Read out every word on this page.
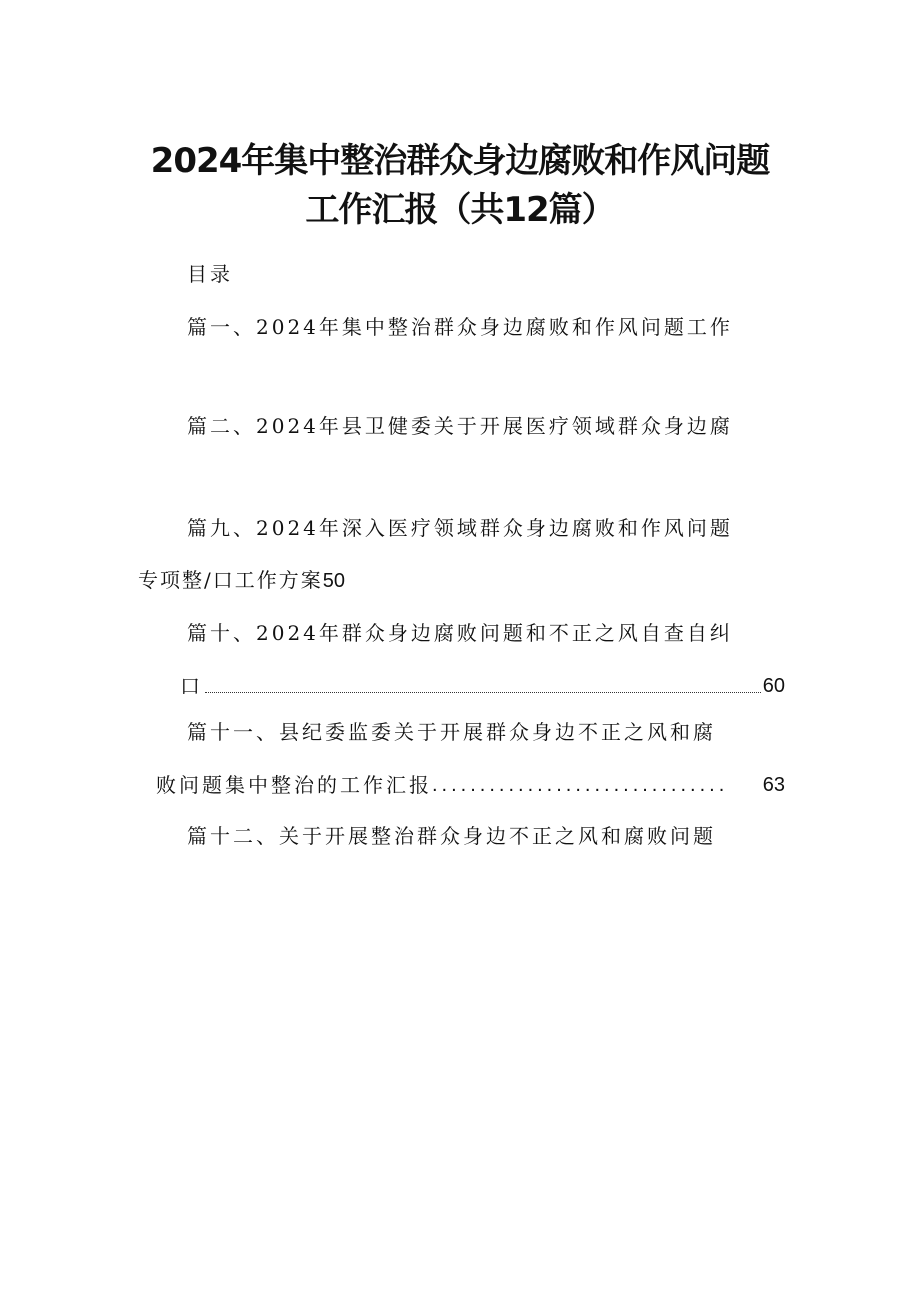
2024年集中整治群众身边腐败和作风问题
工作汇报（共12篇）
目录
篇一、2024年集中整治群众身边腐败和作风问题工作
篇二、2024年县卫健委关于开展医疗领域群众身边腐
篇九、2024年深入医疗领域群众身边腐败和作风问题
专项整/口工作方案50
篇十、2024年群众身边腐败问题和不正之风自查自纠
口	60
篇十一、县纪委监委关于开展群众身边不正之风和腐
败问题集中整治的工作汇报 ...............................	63
篇十二、关于开展整治群众身边不正之风和腐败问题
